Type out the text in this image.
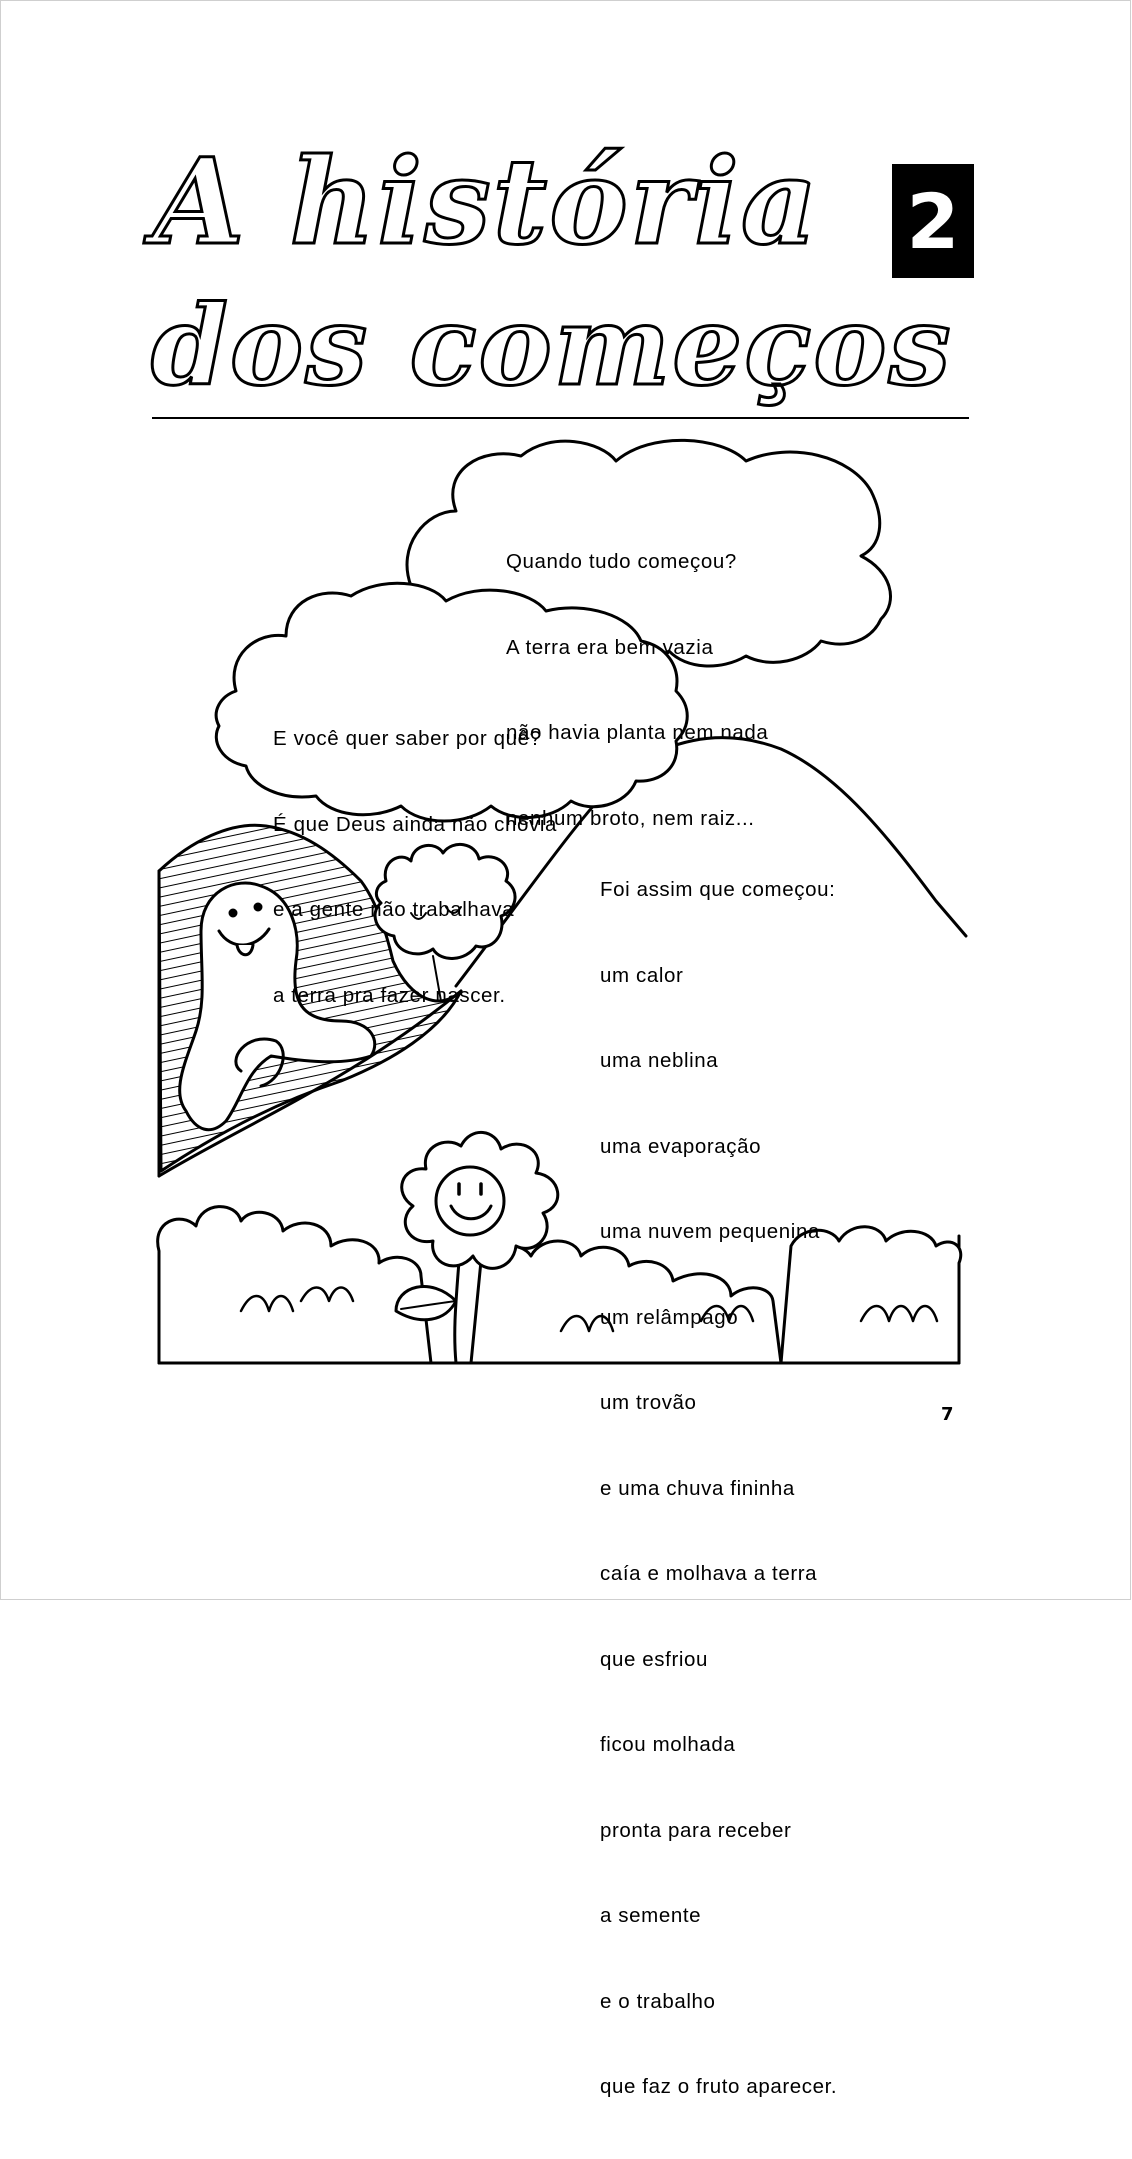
A história
dos começos
2

Quando tudo começou?

A terra era bem vazia

não havia planta nem nada

nenhum broto, nem raiz...

E você quer saber por quê?

É que Deus ainda não chovia

e a gente não trabalhava

a terra pra fazer nascer.

Foi assim que começou:

um calor

uma neblina

uma evaporação

uma nuvem pequenina

um relâmpago

um trovão

e uma chuva fininha

caía e molhava a terra

que esfriou

ficou molhada

pronta para receber

a semente

e o trabalho

que faz o fruto aparecer.

7
